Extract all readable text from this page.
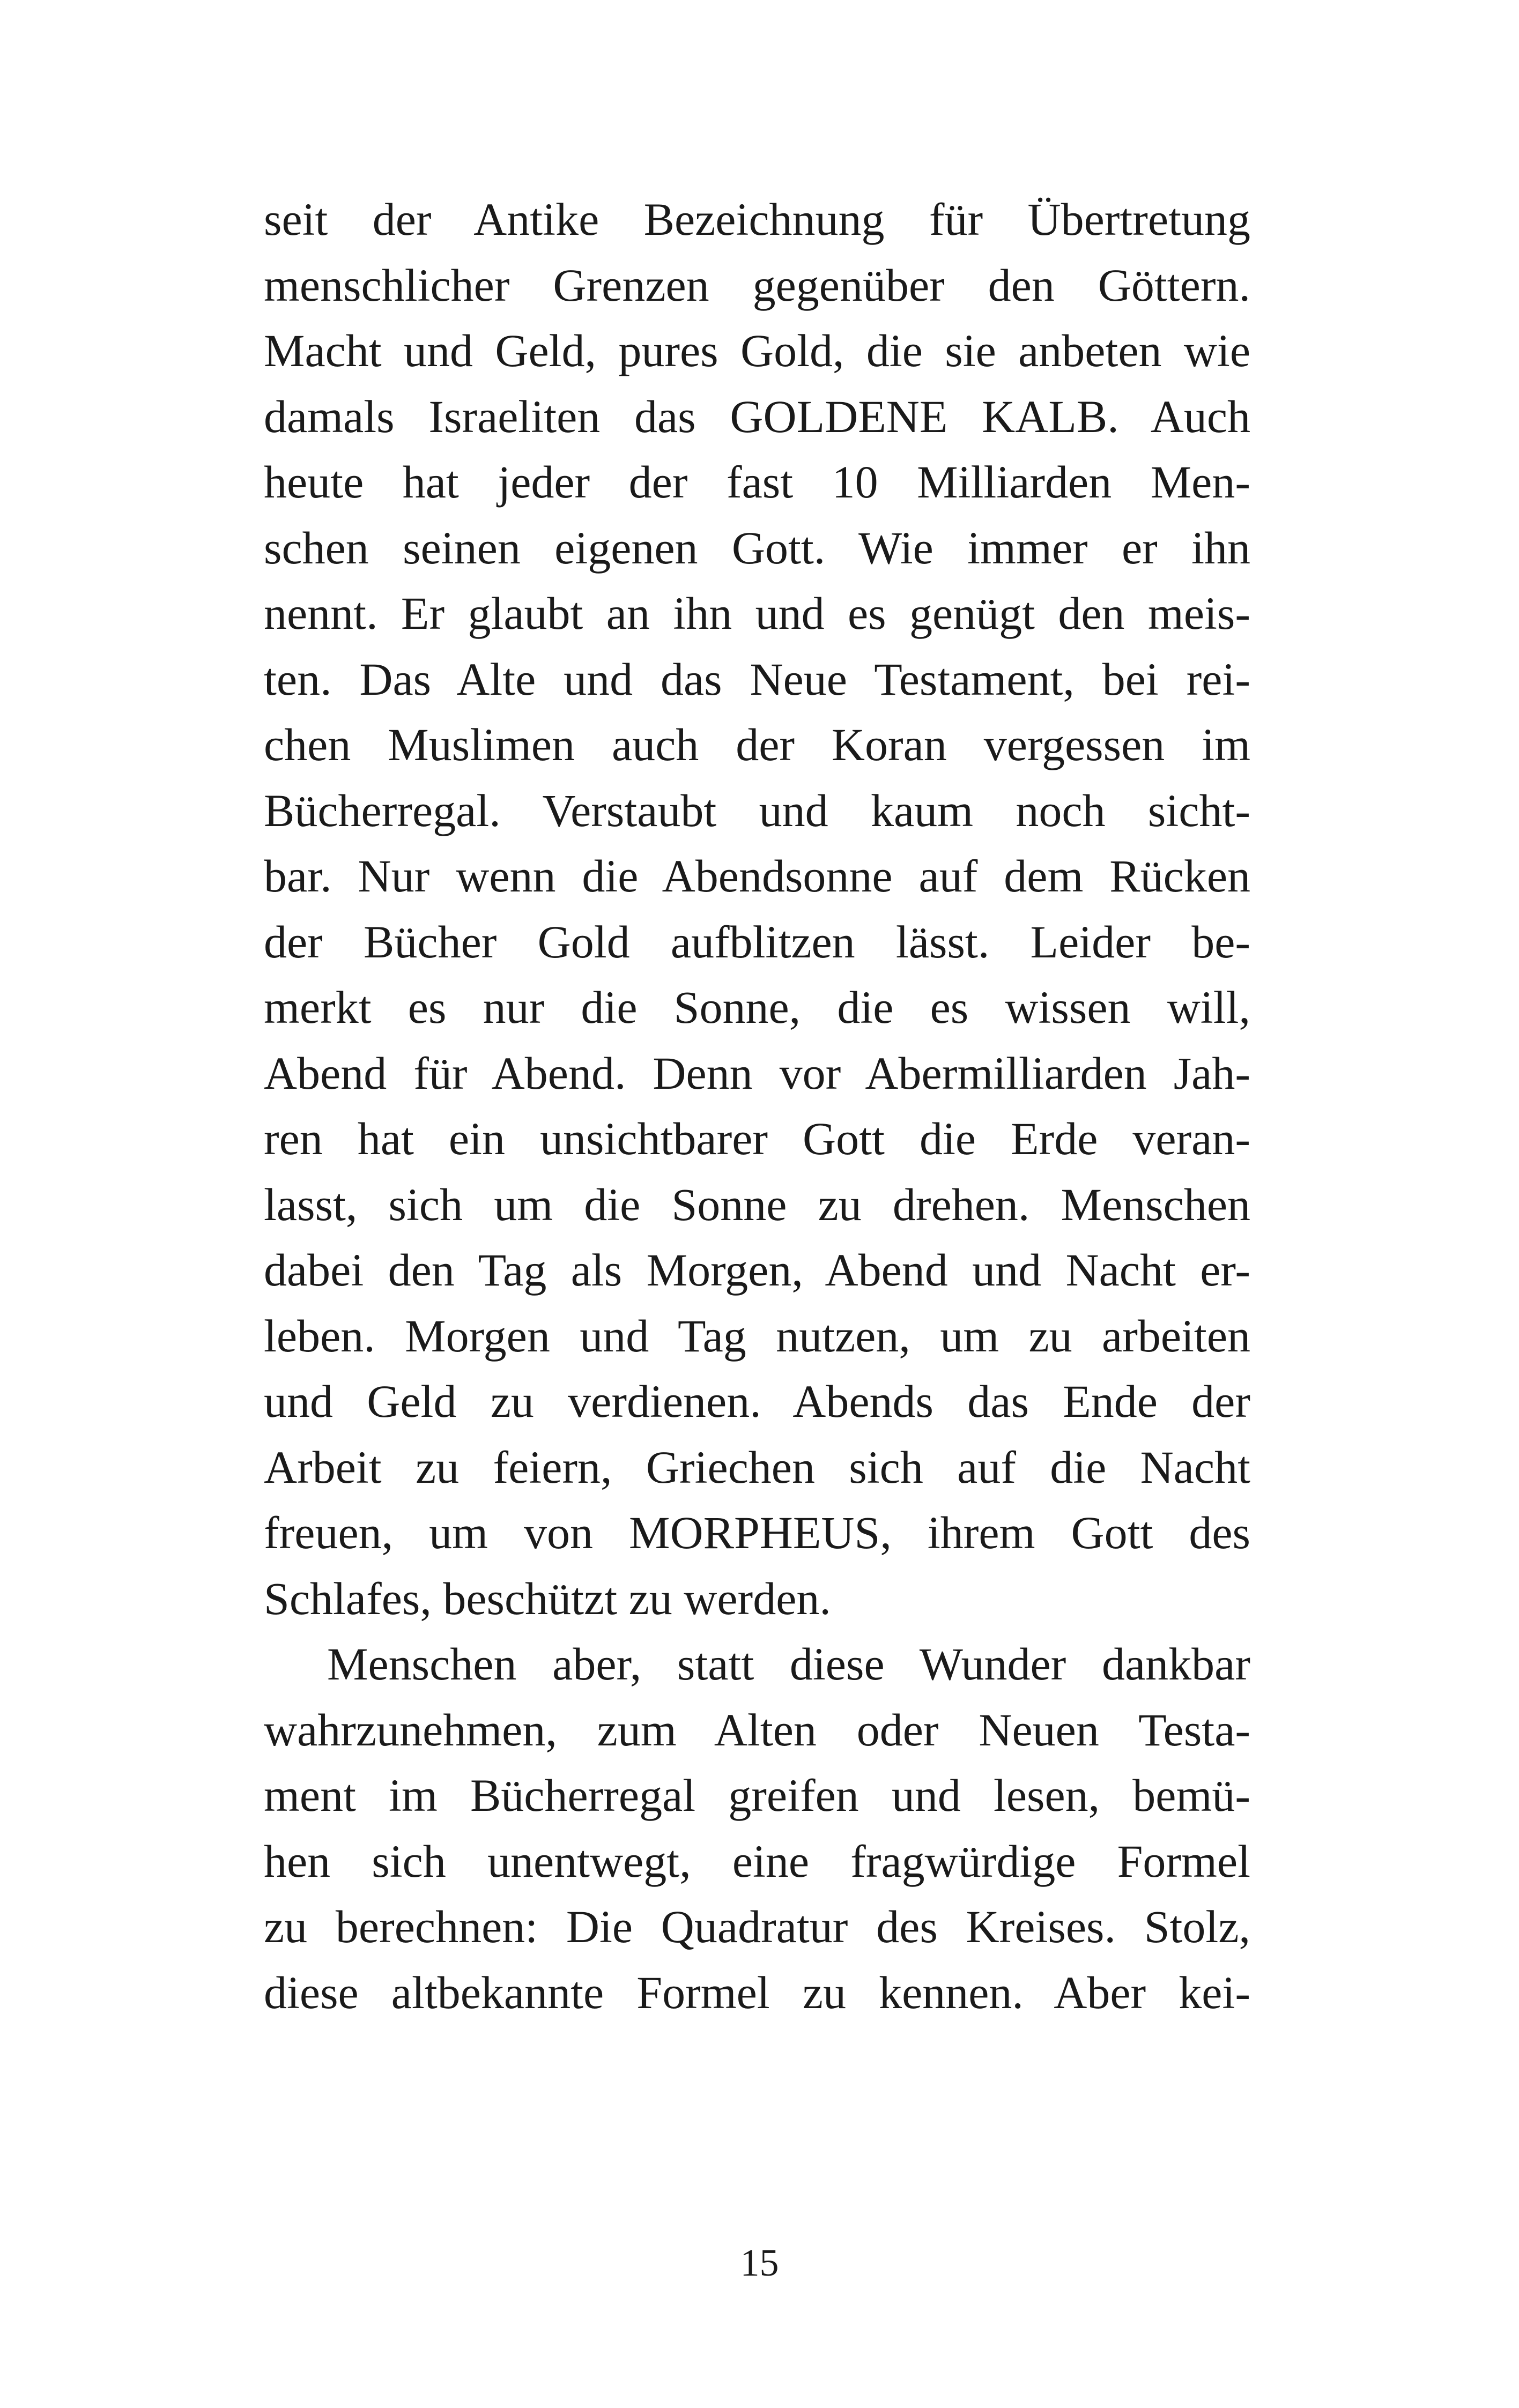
seit der Antike Bezeichnung für Übertretung
menschlicher Grenzen gegenüber den Göttern.
Macht und Geld, pures Gold, die sie anbeten wie
damals Israeliten das GOLDENE KALB. Auch
heute hat jeder der fast 10 Milliarden Men-
schen seinen eigenen Gott. Wie immer er ihn
nennt. Er glaubt an ihn und es genügt den meis-
ten. Das Alte und das Neue Testament, bei rei-
chen Muslimen auch der Koran vergessen im
Bücherregal. Verstaubt und kaum noch sicht-
bar. Nur wenn die Abendsonne auf dem Rücken
der Bücher Gold aufblitzen lässt. Leider be-
merkt es nur die Sonne, die es wissen will,
Abend für Abend. Denn vor Abermilliarden Jah-
ren hat ein unsichtbarer Gott die Erde veran-
lasst, sich um die Sonne zu drehen. Menschen
dabei den Tag als Morgen, Abend und Nacht er-
leben. Morgen und Tag nutzen, um zu arbeiten
und Geld zu verdienen. Abends das Ende der
Arbeit zu feiern, Griechen sich auf die Nacht
freuen, um von MORPHEUS, ihrem Gott des
Schlafes, beschützt zu werden.
Menschen aber, statt diese Wunder dankbar
wahrzunehmen, zum Alten oder Neuen Testa-
ment im Bücherregal greifen und lesen, bemü-
hen sich unentwegt, eine fragwürdige Formel
zu berechnen: Die Quadratur des Kreises. Stolz,
diese altbekannte Formel zu kennen. Aber kei-
15
